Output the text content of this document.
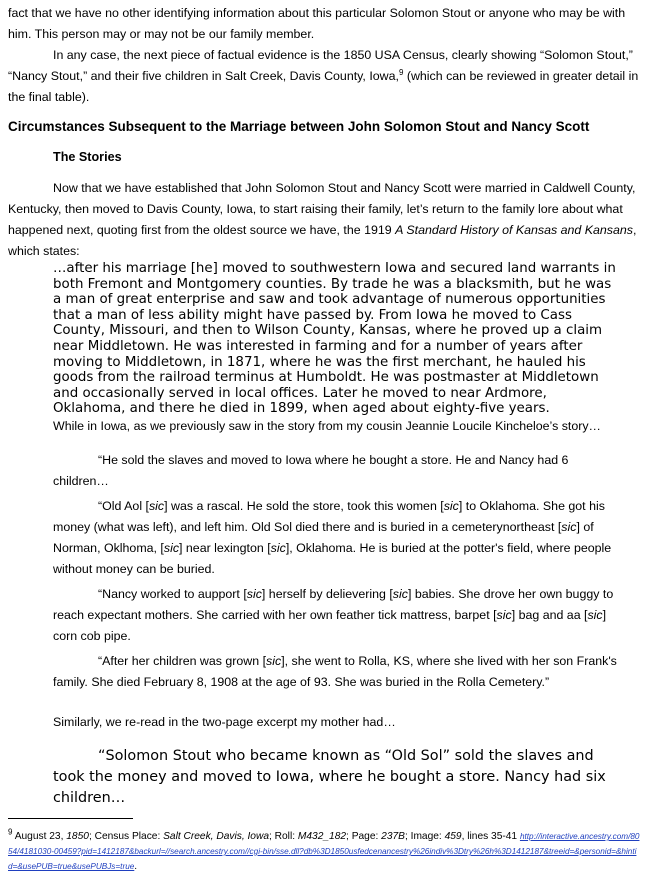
fact that we have no other identifying information about this particular Solomon Stout or anyone who may be with him. This person may or may not be our family member.

In any case, the next piece of factual evidence is the 1850 USA Census, clearly showing “Solomon Stout,” “Nancy Stout,” and their five children in Salt Creek, Davis County, Iowa,$^9$ (which can be reviewed in greater detail in the final table).

Circumstances Subsequent to the Marriage between John Solomon Stout and Nancy Scott
The Stories

Now that we have established that John Solomon Stout and Nancy Scott were married in Caldwell County, Kentucky, then moved to Davis County, Iowa, to start raising their family, let’s return to the family lore about what happened next, quoting first from the oldest source we have, the 1919 A Standard History of Kansas and Kansans, which states:

…after his marriage [he] moved to southwestern Iowa and secured land warrants in both Fremont and Montgomery counties. By trade he was a blacksmith, but he was a man of great enterprise and saw and took advantage of numerous opportunities that a man of less ability might have passed by. From Iowa he moved to Cass County, Missouri, and then to Wilson County, Kansas, where he proved up a claim near Middletown. He was interested in farming and for a number of years after moving to Middletown, in 1871, where he was the first merchant, he hauled his goods from the railroad terminus at Humboldt. He was postmaster at Middletown and occasionally served in local offices. Later he moved to near Ardmore, Oklahoma, and there he died in 1899, when aged about eighty-five years.

While in Iowa, as we previously saw in the story from my cousin Jeannie Loucile Kincheloe’s story…

“He sold the slaves and moved to Iowa where he bought a store. He and Nancy had 6 children…

“Old Aol [sic] was a rascal. He sold the store, took this women [sic] to Oklahoma. She got his money (what was left), and left him. Old Sol died there and is buried in a cemeterynortheast [sic] of Norman, Oklhoma, [sic] near lexington [sic], Oklahoma. He is buried at the potter's field, where people without money can be buried.

“Nancy worked to aupport [sic] herself by delievering [sic] babies. She drove her own buggy to reach expectant mothers. She carried with her own feather tick mattress, barpet [sic] bag and aa [sic] corn cob pipe.

“After her children was grown [sic], she went to Rolla, KS, where she lived with her son Frank's family. She died February 8, 1908 at the age of 93. She was buried in the Rolla Cemetery.”

Similarly, we re-read in the two-page excerpt my mother had…

“Solomon Stout who became known as “Old Sol” sold the slaves and took the money and moved to Iowa, where he bought a store. Nancy had six children…

$^9$ August 23, 1850; Census Place: Salt Creek, Davis, Iowa; Roll: M432_182; Page: 237B; Image: 459, lines 35-41 http://interactive.ancestry.com/8054/4181030-00459?pid=1412187&backurl=//search.ancestry.com//cgi-bin/sse.dll?db%3D1850usfedcenancestry%26indiv%3Dtry%26h%3D1412187&treeid=&personid=&hintid=&usePUB=true&usePUBJs=true.
